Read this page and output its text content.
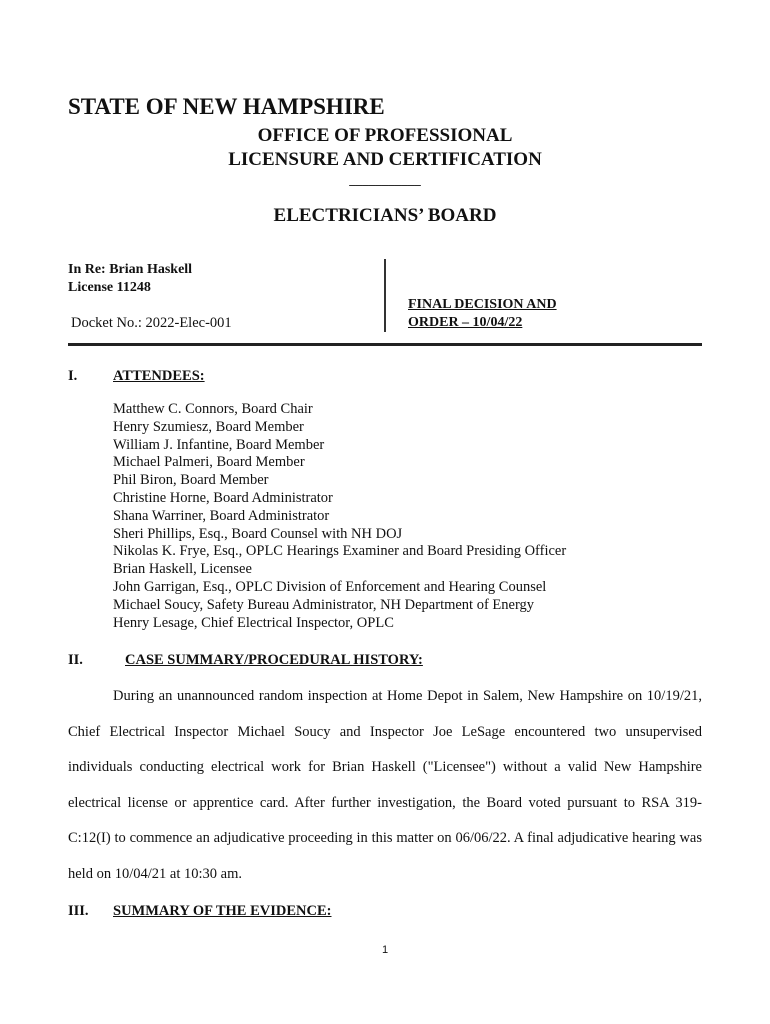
STATE OF NEW HAMPSHIRE
OFFICE OF PROFESSIONAL
LICENSURE AND CERTIFICATION
___________
ELECTRICIANS’ BOARD
In Re: Brian Haskell
License 11248
Docket No.: 2022-Elec-001
FINAL DECISION AND
ORDER – 10/04/22
I. ATTENDEES:
Matthew C. Connors, Board Chair
Henry Szumiesz, Board Member
William J. Infantine, Board Member
Michael Palmeri, Board Member
Phil Biron, Board Member
Christine Horne, Board Administrator
Shana Warriner, Board Administrator
Sheri Phillips, Esq., Board Counsel with NH DOJ
Nikolas K. Frye, Esq., OPLC Hearings Examiner and Board Presiding Officer
Brian Haskell, Licensee
John Garrigan, Esq., OPLC Division of Enforcement and Hearing Counsel
Michael Soucy, Safety Bureau Administrator, NH Department of Energy
Henry Lesage, Chief Electrical Inspector, OPLC
II.	CASE SUMMARY/PROCEDURAL HISTORY:
During an unannounced random inspection at Home Depot in Salem, New Hampshire on 10/19/21, Chief Electrical Inspector Michael Soucy and Inspector Joe LeSage encountered two unsupervised individuals conducting electrical work for Brian Haskell ("Licensee") without a valid New Hampshire electrical license or apprentice card. After further investigation, the Board voted pursuant to RSA 319-C:12(I) to commence an adjudicative proceeding in this matter on 06/06/22. A final adjudicative hearing was held on 10/04/21 at 10:30 am.
III. SUMMARY OF THE EVIDENCE:
1
